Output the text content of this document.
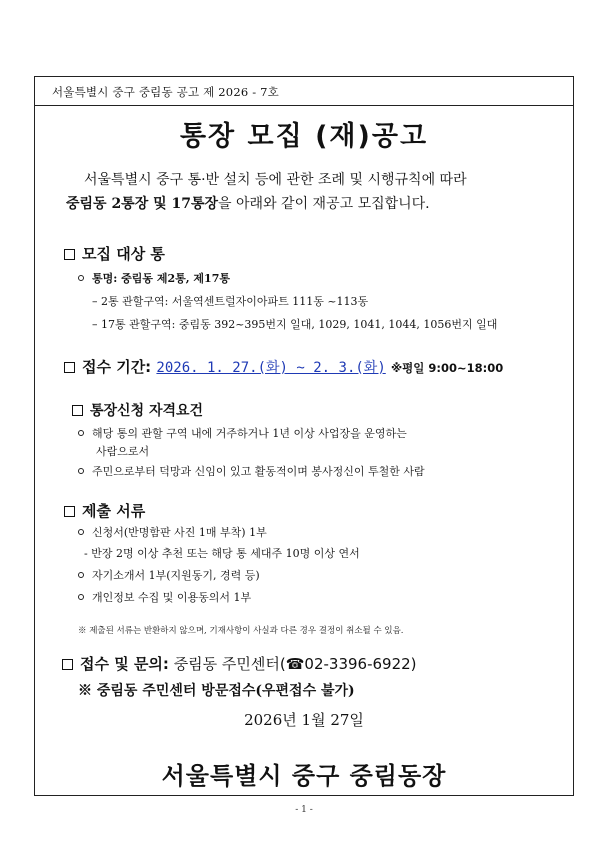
서울특별시 중구 중림동 공고 제 2026 - 7호
통장 모집 (재)공고
서울특별시 중구 통·반 설치 등에 관한 조례 및 시행규칙에 따라
중림동 2통장 및 17통장을 아래와 같이 재공고 모집합니다.
모집 대상 통
통명: 중림동 제2통, 제17통
– 2통 관할구역: 서울역센트럴자이아파트 111동 ~113동
– 17통 관할구역: 중림동 392~395번지 일대, 1029, 1041, 1044, 1056번지 일대
접수 기간: 2026. 1. 27.(화) ~ 2. 3.(화) ※평일 9:00~18:00
통장신청 자격요건
해당 통의 관할 구역 내에 거주하거나 1년 이상 사업장을 운영하는
사람으로서
주민으로부터 덕망과 신임이 있고 활동적이며 봉사정신이 투철한 사람
제출 서류
신청서(반명함판 사진 1매 부착) 1부
- 반장 2명 이상 추천 또는 해당 통 세대주 10명 이상 연서
자기소개서 1부(지원동기, 경력 등)
개인정보 수집 및 이용동의서 1부
※ 제출된 서류는 반환하지 않으며, 기재사항이 사실과 다른 경우 결정이 취소될 수 있음.
접수 및 문의: 중림동 주민센터(☎02-3396-6922)
※ 중림동 주민센터 방문접수(우편접수 불가)
2026년 1월 27일
서울특별시 중구 중림동장
- 1 -
